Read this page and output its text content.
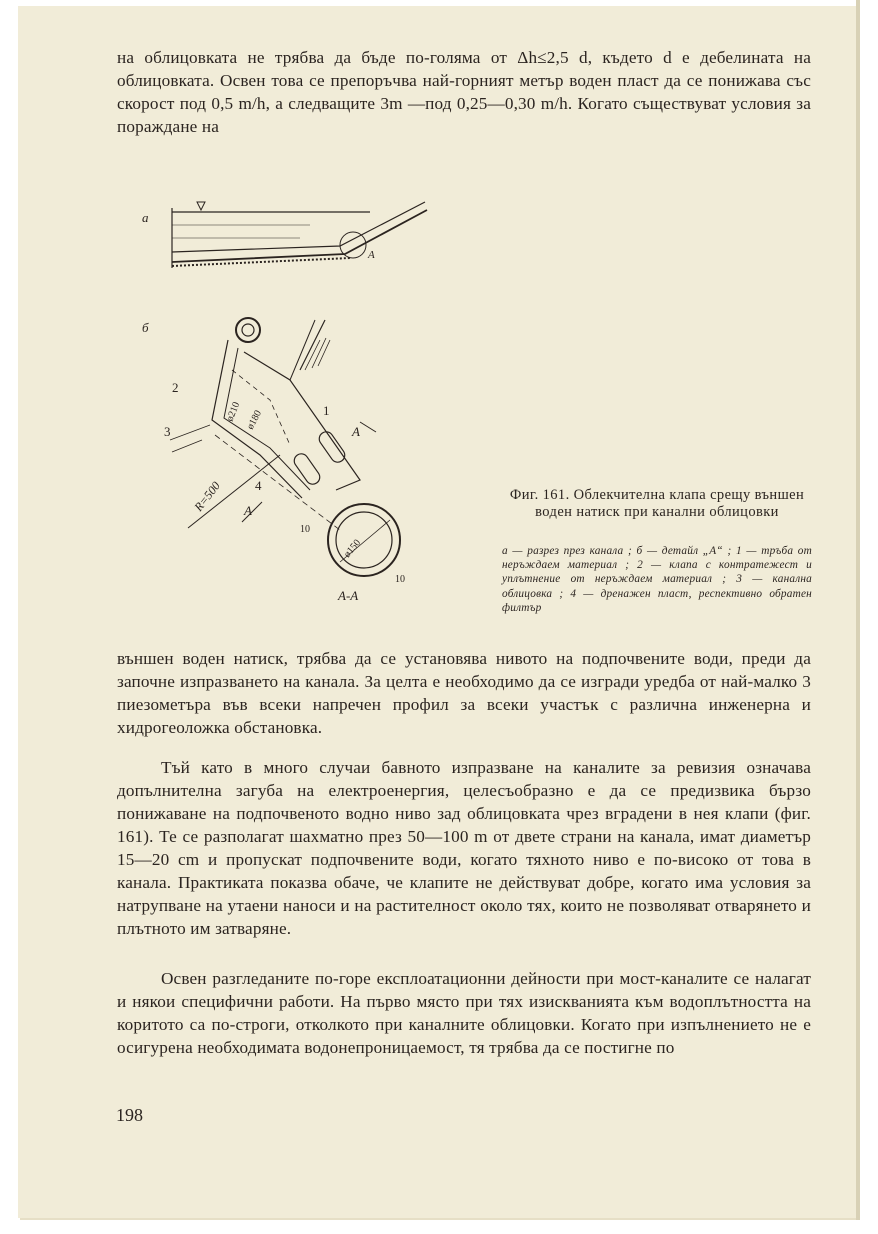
на облицовката не трябва да бъде по-голяма от Δh≤2,5 d, където d е дебелината на облицовката. Освен това се препоръчва най-горният метър воден пласт да се понижава със скорост под 0,5 m/h, а следващите 3m —под 0,25—0,30 m/h. Когато съществуват условия за пораждане на

a
A
б
2
3
1
4
A
A
R=500
ø210 ø180
ø150
10
10
A-A
Фиг. 161. Облекчителна клапа срещу външен воден натиск при канални облицовки
а — разрез през канала ; б — детайл „А“ ; 1 — тръба от неръждаем материал ; 2 — клапа с контратежест и уплътнение от неръждаем материал ; 3 — канална облицовка ; 4 — дренажен пласт, респективно обратен филтър

външен воден натиск, трябва да се установява нивото на подпочвените води, преди да започне изпразването на канала. За целта е необходимо да се изгради уредба от най-малко 3 пиезометъра във всеки напречен профил за всеки участък с различна инженерна и хидрогеоложка обстановка.

Тъй като в много случаи бавното изпразване на каналите за ревизия означава допълнителна загуба на електроенергия, целесъобразно е да се предизвика бързо понижаване на подпочвеното водно ниво зад облицовката чрез вградени в нея клапи (фиг. 161). Те се разполагат шахматно през 50—100 m от двете страни на канала, имат диаметър 15—20 cm и пропускат подпочвените води, когато тяхното ниво е по-високо от това в канала. Практиката показва обаче, че клапите не действуват добре, когато има условия за натрупване на утаени наноси и на растителност около тях, които не позволяват отварянето и плътното им затваряне.

Освен разгледаните по-горе експлоатационни дейности при мост-каналите се налагат и някои специфични работи. На първо място при тях изискванията към водоплътността на коритото са по-строги, отколкото при каналните облицовки. Когато при изпълнението не е осигурена необходимата водонепроницаемост, тя трябва да се постигне по

198
